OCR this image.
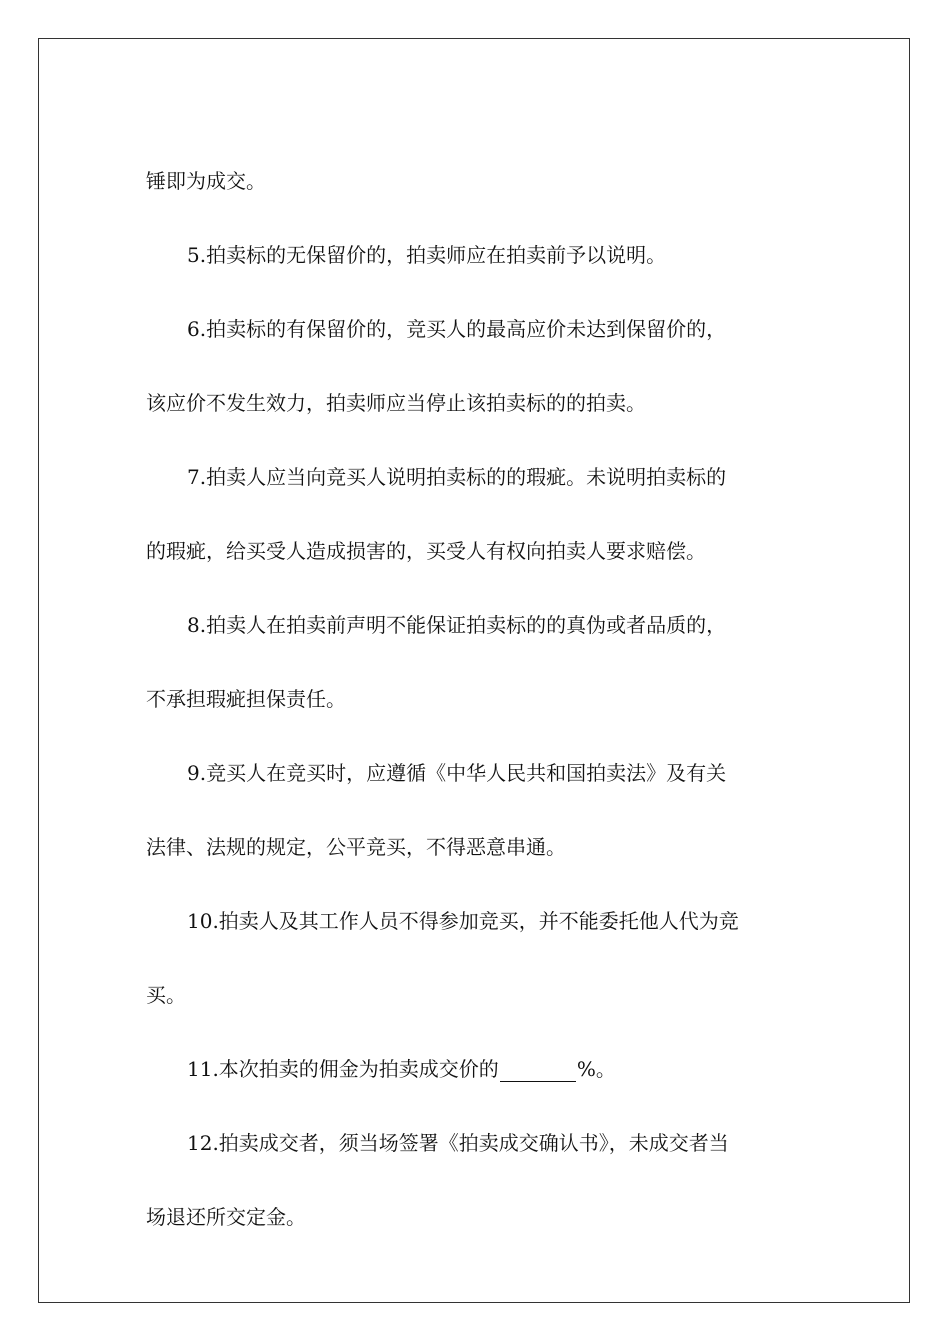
锤即为成交。
5.拍卖标的无保留价的，拍卖师应在拍卖前予以说明。
6.拍卖标的有保留价的，竞买人的最高应价未达到保留价的，
该应价不发生效力，拍卖师应当停止该拍卖标的的拍卖。
7.拍卖人应当向竞买人说明拍卖标的的瑕疵。未说明拍卖标的
的瑕疵，给买受人造成损害的，买受人有权向拍卖人要求赔偿。
8.拍卖人在拍卖前声明不能保证拍卖标的的真伪或者品质的，
不承担瑕疵担保责任。
9.竞买人在竞买时，应遵循《中华人民共和国拍卖法》及有关
法律、法规的规定，公平竞买，不得恶意串通。
10.拍卖人及其工作人员不得参加竞买，并不能委托他人代为竞
买。
11.本次拍卖的佣金为拍卖成交价的	%。
12.拍卖成交者，须当场签署《拍卖成交确认书》，未成交者当
场退还所交定金。
